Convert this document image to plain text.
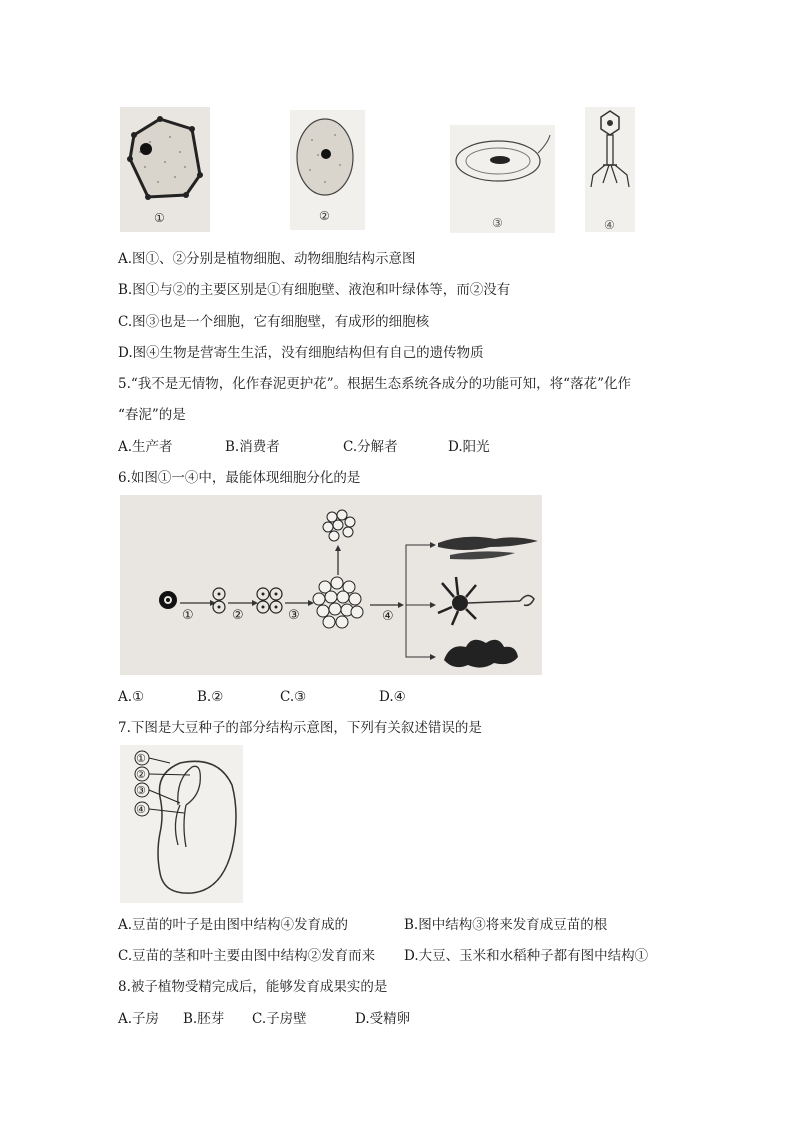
①	②	③	④
A.图①、②分别是植物细胞、动物细胞结构示意图
B.图①与②的主要区别是①有细胞壁、液泡和叶绿体等，而②没有
C.图③也是一个细胞，它有细胞壁，有成形的细胞核
D.图④生物是营寄生生活，没有细胞结构但有自己的遗传物质
5.“我不是无情物，化作春泥更护花”。根据生态系统各成分的功能可知，将“落花”化作
“春泥”的是
A.生产者	B.消费者	C.分解者	D.阳光
6.如图①一④中，最能体现细胞分化的是
①	②	③	④
A.①	B.②	C.③	D.④
7.下图是大豆种子的部分结构示意图，下列有关叙述错误的是
①
②
③
④
A.豆苗的叶子是由图中结构④发育成的	B.图中结构③将来发育成豆苗的根
C.豆苗的茎和叶主要由图中结构②发育而来 D.大豆、玉米和水稻种子都有图中结构①
8.被子植物受精完成后，能够发育成果实的是
A.子房 B.胚芽 C.子房壁	D.受精卵
